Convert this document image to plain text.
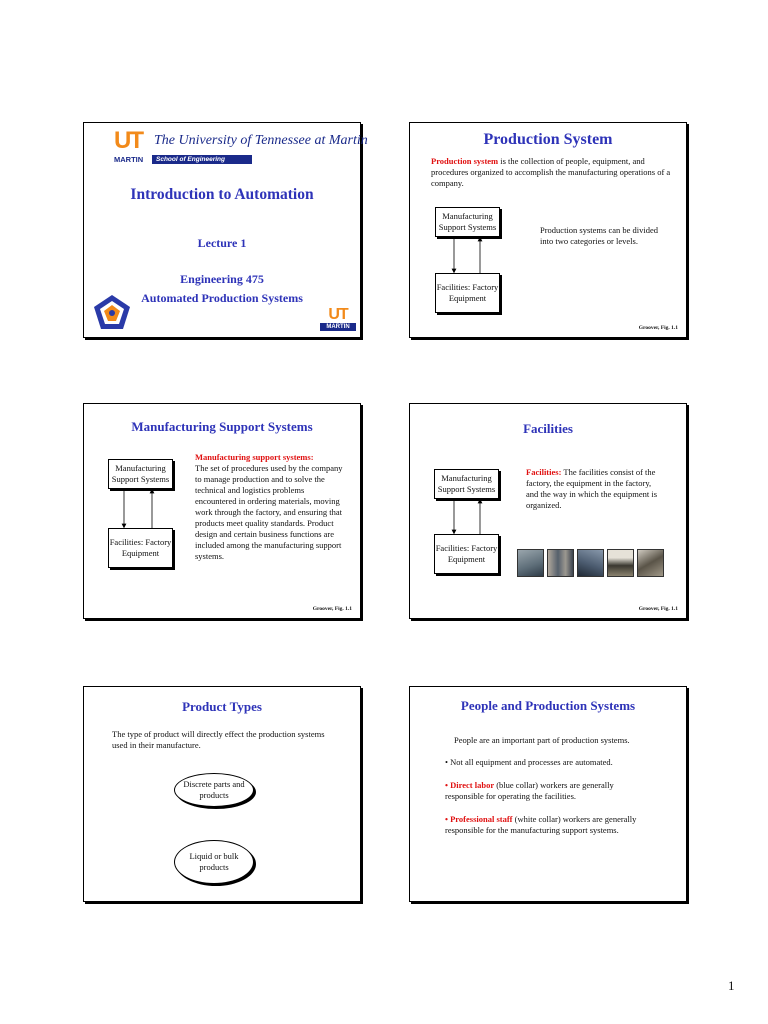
UT The University of Tennessee at Martin
MARTIN	School of Engineering
Introduction to Automation
Lecture 1
Engineering 475
Automated Production Systems
UT
MARTIN
Production System
Production system is the collection of people, equipment, and procedures organized to accomplish the manufacturing operations of a company.
Manufacturing Support Systems
Facilities: Factory Equipment
Production systems can be divided into two categories or levels.
Groover, Fig. 1.1
Manufacturing Support Systems
Manufacturing Support Systems
Facilities: Factory Equipment
Manufacturing support systems:
The set of procedures used by the company to manage production and to solve the technical and logistics problems encountered in ordering materials, moving work through the factory, and ensuring that products meet quality standards. Product design and certain business functions are included among the manufacturing support systems.
Groover, Fig. 1.1
Facilities
Manufacturing Support Systems
Facilities: Factory Equipment
Facilities: The facilities consist of the factory, the equipment in the factory, and the way in which the equipment is organized.
Groover, Fig. 1.1
Product Types
The type of product will directly effect the production systems used in their manufacture.
Discrete parts and products
Liquid or bulk products
People and Production Systems
People are an important part of production systems.
• Not all equipment and processes are automated.
• Direct labor (blue collar) workers are generally responsible for operating the facilities.
• Professional staff (white collar) workers are generally responsible for the manufacturing support systems.
1
